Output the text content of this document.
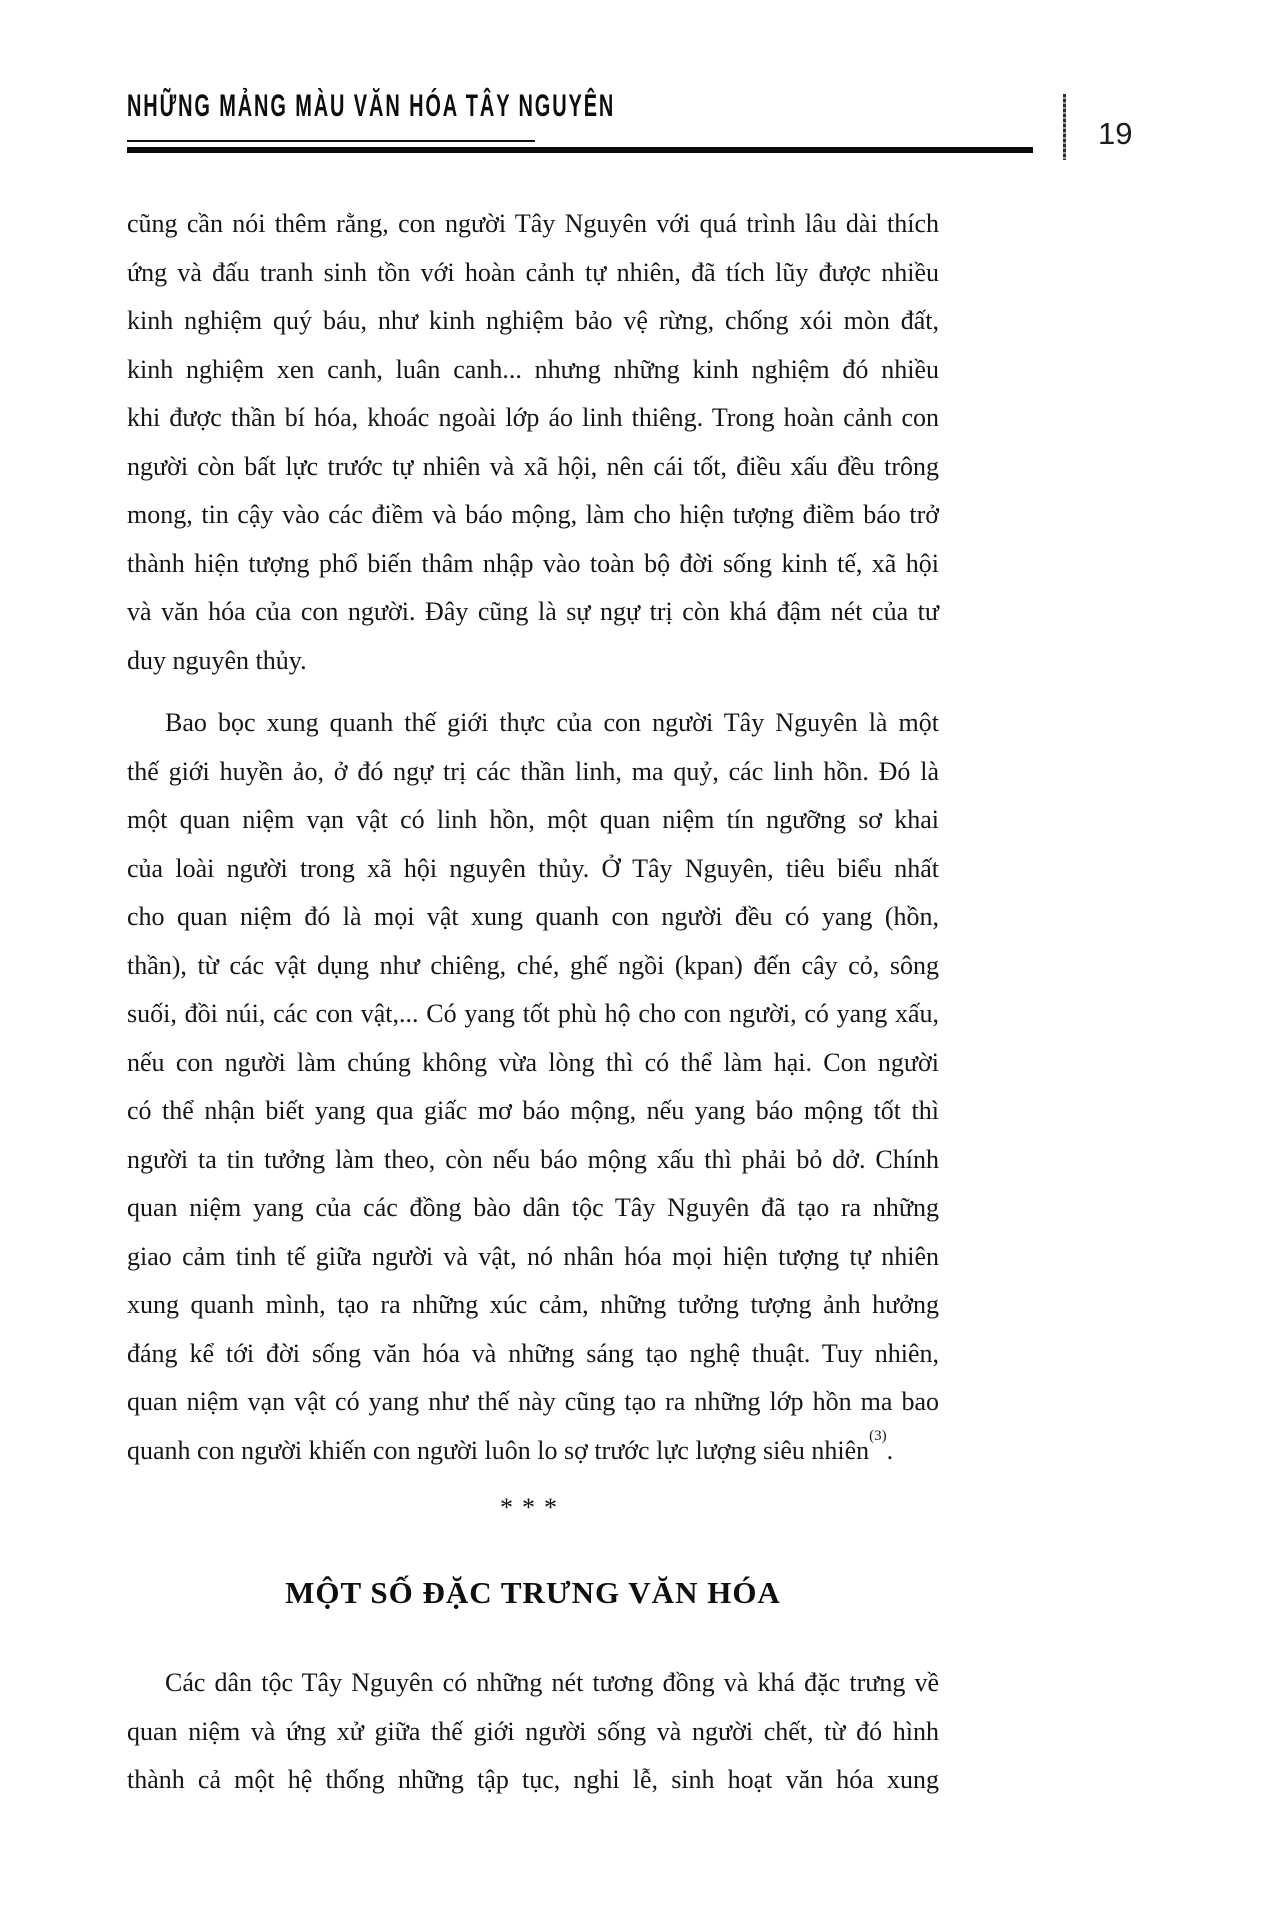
NHỮNG MẢNG MÀU VĂN HÓA TÂY NGUYÊN
19
cũng cần nói thêm rằng, con người Tây Nguyên với quá trình lâu dài thích
ứng và đấu tranh sinh tồn với hoàn cảnh tự nhiên, đã tích lũy được nhiều
kinh nghiệm quý báu, như kinh nghiệm bảo vệ rừng, chống xói mòn đất,
kinh nghiệm xen canh, luân canh... nhưng những kinh nghiệm đó nhiều
khi được thần bí hóa, khoác ngoài lớp áo linh thiêng. Trong hoàn cảnh con
người còn bất lực trước tự nhiên và xã hội, nên cái tốt, điều xấu đều trông
mong, tin cậy vào các điềm và báo mộng, làm cho hiện tượng điềm báo trở
thành hiện tượng phổ biến thâm nhập vào toàn bộ đời sống kinh tế, xã hội
và văn hóa của con người. Đây cũng là sự ngự trị còn khá đậm nét của tư
duy nguyên thủy.
Bao bọc xung quanh thế giới thực của con người Tây Nguyên là một
thế giới huyền ảo, ở đó ngự trị các thần linh, ma quỷ, các linh hồn. Đó là
một quan niệm vạn vật có linh hồn, một quan niệm tín ngưỡng sơ khai
của loài người trong xã hội nguyên thủy. Ở Tây Nguyên, tiêu biểu nhất
cho quan niệm đó là mọi vật xung quanh con người đều có yang (hồn,
thần), từ các vật dụng như chiêng, ché, ghế ngồi (kpan) đến cây cỏ, sông
suối, đồi núi, các con vật,... Có yang tốt phù hộ cho con người, có yang xấu,
nếu con người làm chúng không vừa lòng thì có thể làm hại. Con người
có thể nhận biết yang qua giấc mơ báo mộng, nếu yang báo mộng tốt thì
người ta tin tưởng làm theo, còn nếu báo mộng xấu thì phải bỏ dở. Chính
quan niệm yang của các đồng bào dân tộc Tây Nguyên đã tạo ra những
giao cảm tinh tế giữa người và vật, nó nhân hóa mọi hiện tượng tự nhiên
xung quanh mình, tạo ra những xúc cảm, những tưởng tượng ảnh hưởng
đáng kể tới đời sống văn hóa và những sáng tạo nghệ thuật. Tuy nhiên,
quan niệm vạn vật có yang như thế này cũng tạo ra những lớp hồn ma bao
quanh con người khiến con người luôn lo sợ trước lực lượng siêu nhiên$^{(3)}$.
***
MỘT SỐ ĐẶC TRƯNG VĂN HÓA
Các dân tộc Tây Nguyên có những nét tương đồng và khá đặc trưng về
quan niệm và ứng xử giữa thế giới người sống và người chết, từ đó hình
thành cả một hệ thống những tập tục, nghi lễ, sinh hoạt văn hóa xung
